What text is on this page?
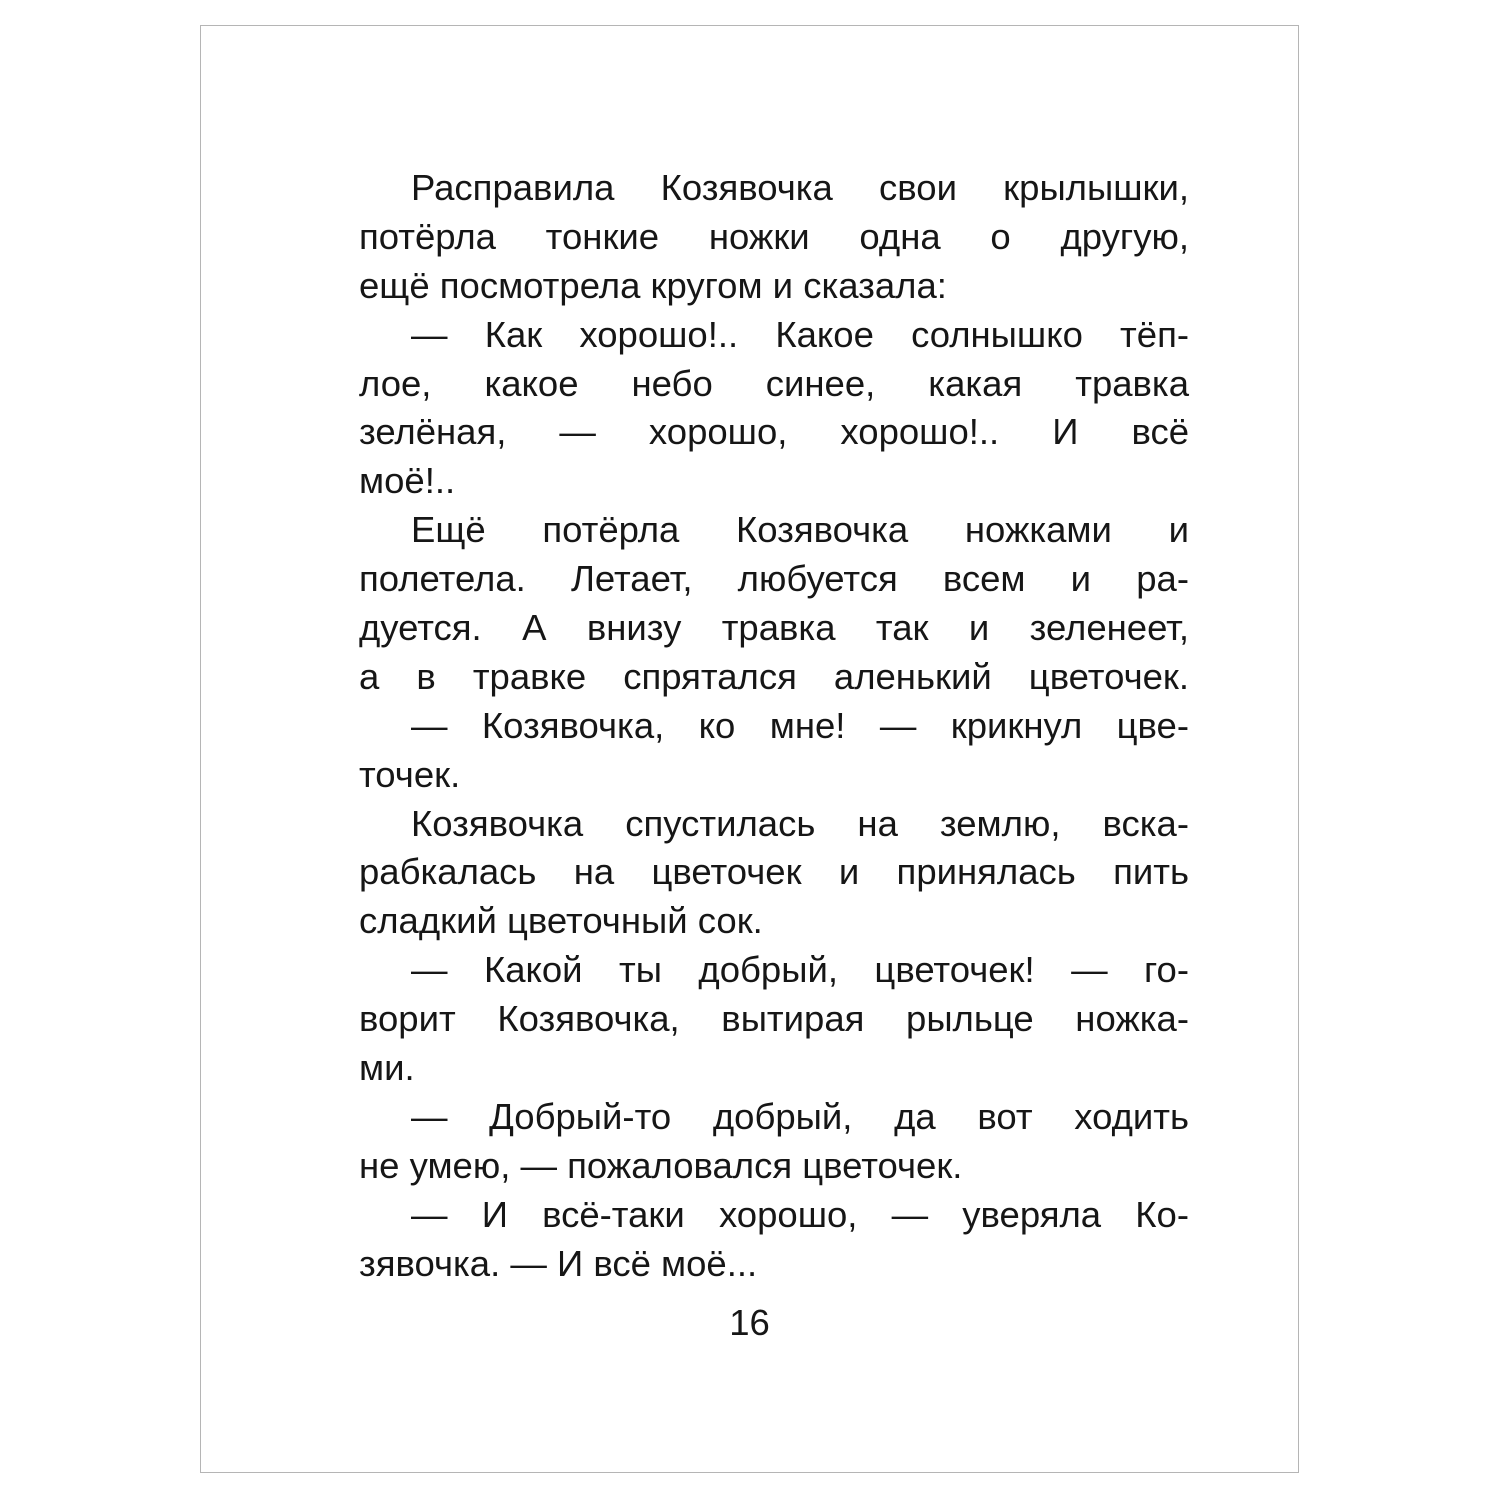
Расправила Козявочка свои крылышки,
потёрла тонкие ножки одна о другую,
ещё посмотрела кругом и сказала:
— Как хорошо!.. Какое солнышко тёп-
лое, какое небо синее, какая травка
зелёная, — хорошо, хорошо!.. И всё
моё!..
Ещё потёрла Козявочка ножками и
полетела. Летает, любуется всем и ра-
дуется. А внизу травка так и зеленеет,
а в травке спрятался аленький цветочек.
— Козявочка, ко мне! — крикнул цве-
точек.
Козявочка спустилась на землю, вска-
рабкалась на цветочек и принялась пить
сладкий цветочный сок.
— Какой ты добрый, цветочек! — го-
ворит Козявочка, вытирая рыльце ножка-
ми.
— Добрый-то добрый, да вот ходить
не умею, — пожаловался цветочек.
— И всё-таки хорошо, — уверяла Ко-
зявочка. — И всё моё...
16
